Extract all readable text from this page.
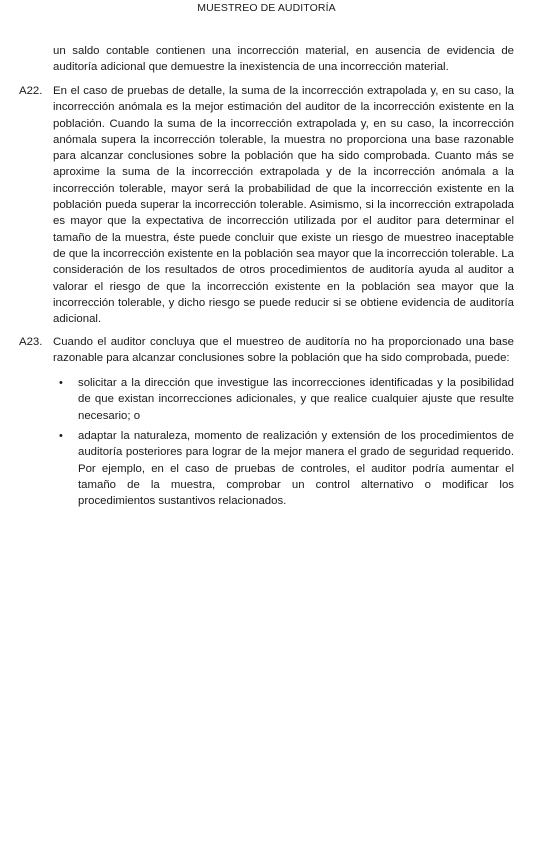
MUESTREO DE AUDITORÍA
un saldo contable contienen una incorrección material, en ausencia de evidencia de auditoría adicional que demuestre la inexistencia de una incorrección material.
A22. En el caso de pruebas de detalle, la suma de la incorrección extrapolada y, en su caso, la incorrección anómala es la mejor estimación del auditor de la incorrección existente en la población. Cuando la suma de la incorrección extrapolada y, en su caso, la incorrección anómala supera la incorrección tolerable, la muestra no proporciona una base razonable para alcanzar conclusiones sobre la población que ha sido comprobada. Cuanto más se aproxime la suma de la incorrección extrapolada y de la incorrección anómala a la incorrección tolerable, mayor será la probabilidad de que la incorrección existente en la población pueda superar la incorrección tolerable. Asimismo, si la incorrección extrapolada es mayor que la expectativa de incorrección utilizada por el auditor para determinar el tamaño de la muestra, éste puede concluir que existe un riesgo de muestreo inaceptable de que la incorrección existente en la población sea mayor que la incorrección tolerable. La consideración de los resultados de otros procedimientos de auditoría ayuda al auditor a valorar el riesgo de que la incorrección existente en la población sea mayor que la incorrección tolerable, y dicho riesgo se puede reducir si se obtiene evidencia de auditoría adicional.
A23. Cuando el auditor concluya que el muestreo de auditoría no ha proporcionado una base razonable para alcanzar conclusiones sobre la población que ha sido comprobada, puede:
• solicitar a la dirección que investigue las incorrecciones identificadas y la posibilidad de que existan incorrecciones adicionales, y que realice cualquier ajuste que resulte necesario; o
• adaptar la naturaleza, momento de realización y extensión de los procedimientos de auditoría posteriores para lograr de la mejor manera el grado de seguridad requerido. Por ejemplo, en el caso de pruebas de controles, el auditor podría aumentar el tamaño de la muestra, comprobar un control alternativo o modificar los procedimientos sustantivos relacionados.
